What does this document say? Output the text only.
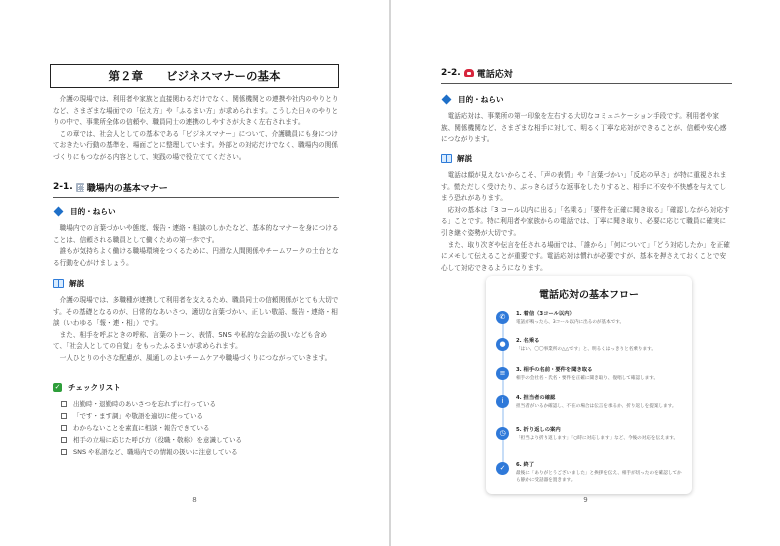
第２章　　ビジネスマナーの基本

介護の現場では、利用者や家族と直接関わるだけでなく、関係機関との連携や社内のやりとりなど、さまざまな場面での「伝え方」や「ふるまい方」が求められます。こうした日々のやりとりの中で、事業所全体の信頼や、職員同士の連携のしやすさが大きく左右されます。

この章では、社会人としての基本である「ビジネスマナー」について、介護職員にも身につけておきたい行動の基準を、場面ごとに整理しています。外部との対応だけでなく、職場内の関係づくりにもつながる内容として、実践の場で役立ててください。

2-1. 職場内の基本マナー
目的・ねらい

職場内での言葉づかいや態度、報告・連絡・相談のしかたなど、基本的なマナーを身につけることは、信頼される職員として働くための第一歩です。

誰もが気持ちよく働ける職場環境をつくるために、円滑な人間関係やチームワークの土台となる行動を心がけましょう。

解説

介護の現場では、多職種が連携して利用者を支えるため、職員同士の信頼関係がとても大切です。その基礎となるのが、日常的なあいさつ、適切な言葉づかい、正しい敬語、報告・連絡・相談（いわゆる「報・連・相」）です。

また、相手を呼ぶときの呼称、言葉のトーン、表情、SNS や私的な会話の扱いなども含めて、「社会人としての自覚」をもったふるまいが求められます。

一人ひとりの小さな配慮が、風通しのよいチームケアや職場づくりにつながっていきます。

✓ チェックリスト
出勤時・退勤時のあいさつを忘れずに行っている
「です・ます調」や敬語を適切に使っている
わからないことを素直に相談・報告できている
相手の立場に応じた呼び方（役職・敬称）を意識している
SNS や私語など、職場内での情報の扱いに注意している
8
2-2. 電話応対
目的・ねらい

電話応対は、事業所の第一印象を左右する大切なコミュニケーション手段です。利用者や家族、関係機関など、さまざまな相手に対して、明るく丁寧な応対ができることが、信頼や安心感につながります。

解説

電話は顔が見えないからこそ、「声の表情」や「言葉づかい」「反応の早さ」が特に重視されます。慌ただしく受けたり、ぶっきらぼうな返事をしたりすると、相手に不安や不快感を与えてしまう恐れがあります。

応対の基本は「3 コール以内に出る」「名乗る」「要件を正確に聞き取る」「確認しながら対応する」ことです。特に利用者や家族からの電話では、丁寧に聞き取り、必要に応じて職員に確実に引き継ぐ姿勢が大切です。

また、取り次ぎや伝言を任される場面では、「誰から」「何について」「どう対応したか」を正確にメモして伝えることが重要です。電話応対は慣れが必要ですが、基本を押さえておくことで安心して対応できるようになります。

9
電話応対の基本フロー
✆	1. 着信（3コール以内）
電話が鳴ったら、3コール以内に出るのが基本です。
●	2. 名乗る
「はい、〇〇事業所の△△です」と、明るくはっきりと名乗ります。
≡	3. 相手の名前・要件を聞き取る
相手の会社名・氏名・要件を正確に聞き取り、復唱して確認します。
i	4. 担当者の確認
担当者がいるか確認し、不在の場合は伝言を承るか、折り返しを提案します。
◷	5. 折り返しの案内
「担当より折り返します」「○時に対応します」など、今後の対応を伝えます。
✓	6. 終了
最後に「ありがとうございました」と挨拶を伝え、相手が切ったのを確認してから静かに受話器を置きます。
